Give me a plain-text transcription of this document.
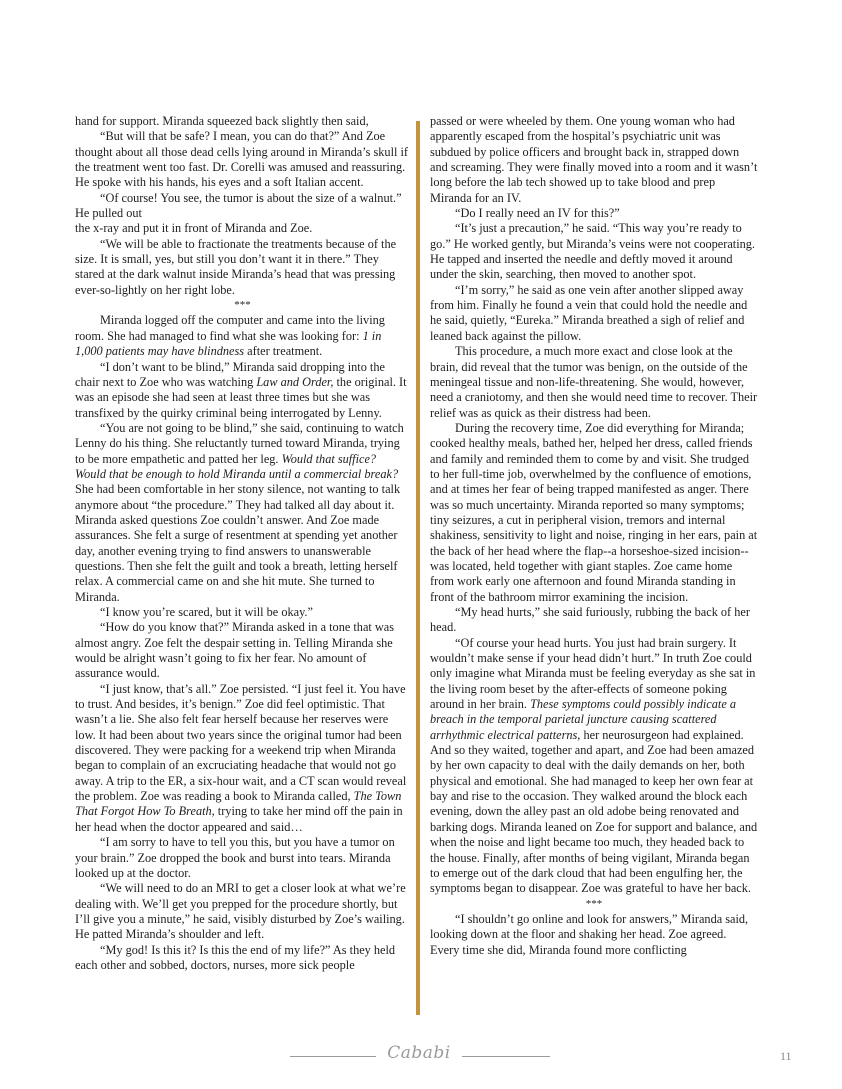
hand for support. Miranda squeezed back slightly then said,

“But will that be safe? I mean, you can do that?” And Zoe thought about all those dead cells lying around in Miranda’s skull if the treatment went too fast. Dr. Corelli was amused and reassuring. He spoke with his hands, his eyes and a soft Italian accent.

“Of course! You see, the tumor is about the size of a walnut.” He pulled out

the x-ray and put it in front of Miranda and Zoe.

“We will be able to fractionate the treatments because of the size. It is small, yes, but still you don’t want it in there.” They stared at the dark walnut inside Miranda’s head that was pressing ever-so-lightly on her right lobe.

***

Miranda logged off the computer and came into the living room. She had managed to find what she was looking for: 1 in 1,000 patients may have blindness after treatment.

“I don’t want to be blind,” Miranda said dropping into the chair next to Zoe who was watching Law and Order, the original. It was an episode she had seen at least three times but she was transfixed by the quirky criminal being interrogated by Lenny.

“You are not going to be blind,” she said, continuing to watch Lenny do his thing. She reluctantly turned toward Miranda, trying to be more empathetic and patted her leg. Would that suffice? Would that be enough to hold Miranda until a commercial break? She had been comfortable in her stony silence, not wanting to talk anymore about “the procedure.” They had talked all day about it. Miranda asked questions Zoe couldn’t answer. And Zoe made assurances. She felt a surge of resentment at spending yet another day, another evening trying to find answers to unanswerable questions. Then she felt the guilt and took a breath, letting herself relax. A commercial came on and she hit mute. She turned to Miranda.

“I know you’re scared, but it will be okay.”

“How do you know that?” Miranda asked in a tone that was almost angry. Zoe felt the despair setting in. Telling Miranda she would be alright wasn’t going to fix her fear. No amount of assurance would.

“I just know, that’s all.” Zoe persisted. “I just feel it. You have to trust. And besides, it’s benign.” Zoe did feel optimistic. That wasn’t a lie. She also felt fear herself because her reserves were low. It had been about two years since the original tumor had been discovered. They were packing for a weekend trip when Miranda began to complain of an excruciating headache that would not go away. A trip to the ER, a six-hour wait, and a CT scan would reveal the problem. Zoe was reading a book to Miranda called, The Town That Forgot How To Breath, trying to take her mind off the pain in her head when the doctor appeared and said…

“I am sorry to have to tell you this, but you have a tumor on your brain.” Zoe dropped the book and burst into tears. Miranda looked up at the doctor.

“We will need to do an MRI to get a closer look at what we’re dealing with. We’ll get you prepped for the procedure shortly, but I’ll give you a minute,” he said, visibly disturbed by Zoe’s wailing. He patted Miranda’s shoulder and left.

“My god! Is this it? Is this the end of my life?” As they held each other and sobbed, doctors, nurses, more sick people

passed or were wheeled by them. One young woman who had apparently escaped from the hospital’s psychiatric unit was subdued by police officers and brought back in, strapped down and screaming. They were finally moved into a room and it wasn’t long before the lab tech showed up to take blood and prep Miranda for an IV.

“Do I really need an IV for this?”

“It’s just a precaution,” he said. “This way you’re ready to go.” He worked gently, but Miranda’s veins were not cooperating. He tapped and inserted the needle and deftly moved it around under the skin, searching, then moved to another spot.

“I’m sorry,” he said as one vein after another slipped away from him. Finally he found a vein that could hold the needle and he said, quietly, “Eureka.” Miranda breathed a sigh of relief and leaned back against the pillow.

This procedure, a much more exact and close look at the brain, did reveal that the tumor was benign, on the outside of the meningeal tissue and non-life-threatening. She would, however, need a craniotomy, and then she would need time to recover. Their relief was as quick as their distress had been.

During the recovery time, Zoe did everything for Miranda; cooked healthy meals, bathed her, helped her dress, called friends and family and reminded them to come by and visit. She trudged to her full-time job, overwhelmed by the confluence of emotions, and at times her fear of being trapped manifested as anger. There was so much uncertainty. Miranda reported so many symptoms; tiny seizures, a cut in peripheral vision, tremors and internal shakiness, sensitivity to light and noise, ringing in her ears, pain at the back of her head where the flap--a horseshoe-sized incision--was located, held together with giant staples. Zoe came home from work early one afternoon and found Miranda standing in front of the bathroom mirror examining the incision.

“My head hurts,” she said furiously, rubbing the back of her head.

“Of course your head hurts. You just had brain surgery. It wouldn’t make sense if your head didn’t hurt.” In truth Zoe could only imagine what Miranda must be feeling everyday as she sat in the living room beset by the after-effects of someone poking around in her brain. These symptoms could possibly indicate a breach in the temporal parietal juncture causing scattered arrhythmic electrical patterns, her neurosurgeon had explained. And so they waited, together and apart, and Zoe had been amazed by her own capacity to deal with the daily demands on her, both physical and emotional. She had managed to keep her own fear at bay and rise to the occasion. They walked around the block each evening, down the alley past an old adobe being renovated and barking dogs. Miranda leaned on Zoe for support and balance, and when the noise and light became too much, they headed back to the house. Finally, after months of being vigilant, Miranda began to emerge out of the dark cloud that had been engulfing her, the symptoms began to disappear. Zoe was grateful to have her back.

***

“I shouldn’t go online and look for answers,” Miranda said, looking down at the floor and shaking her head. Zoe agreed. Every time she did, Miranda found more conflicting

Cababi	11
